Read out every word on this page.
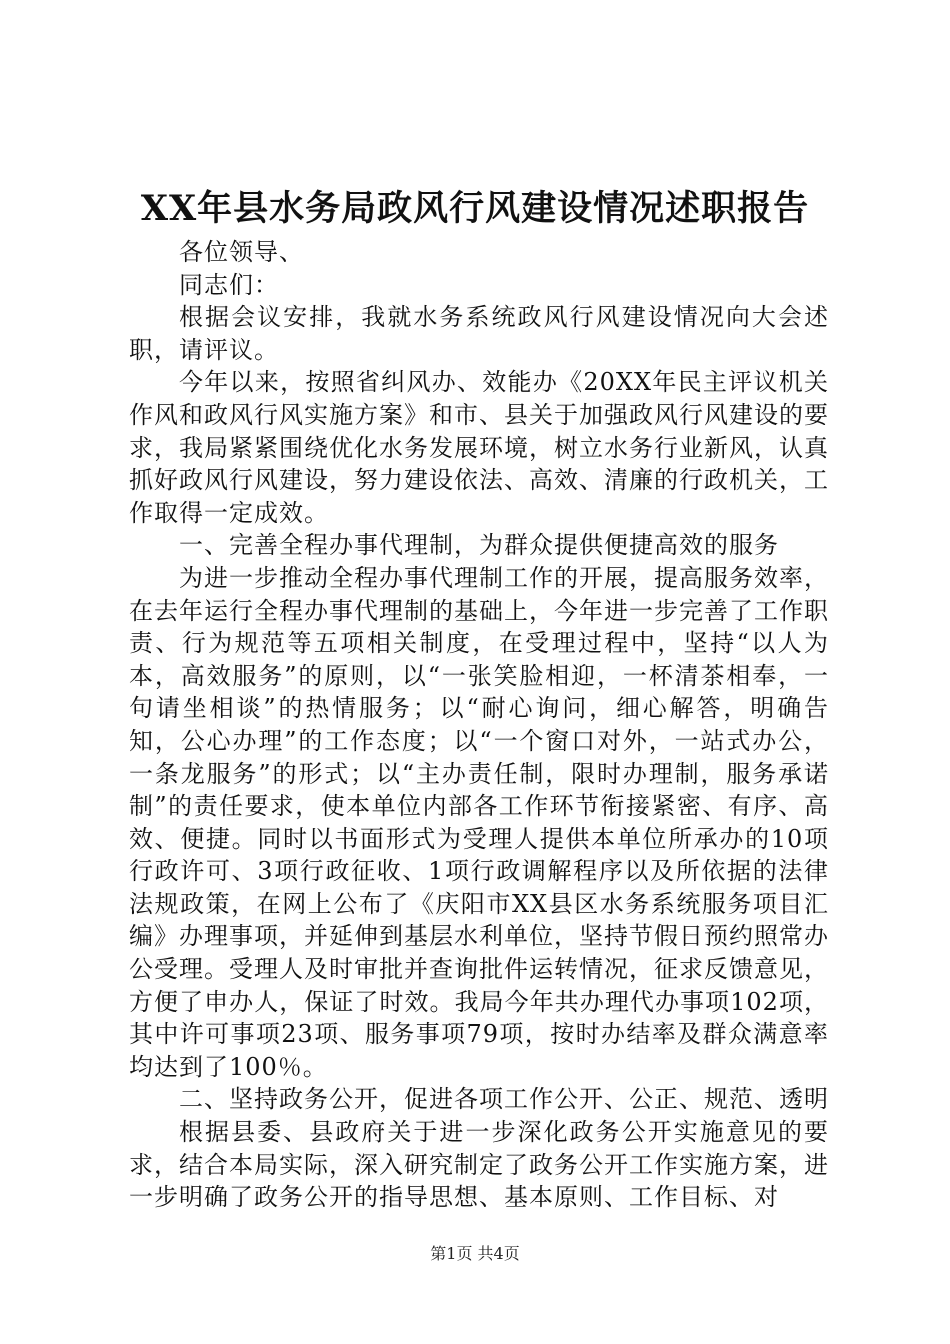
XX年县水务局政风行风建设情况述职报告

各位领导、

同志们：

根据会议安排，我就水务系统政风行风建设情况向大会述职，请评议。

今年以来，按照省纠风办、效能办《20XX年民主评议机关作风和政风行风实施方案》和市、县关于加强政风行风建设的要求，我局紧紧围绕优化水务发展环境，树立水务行业新风，认真抓好政风行风建设，努力建设依法、高效、清廉的行政机关，工作取得一定成效。

一、完善全程办事代理制，为群众提供便捷高效的服务

为进一步推动全程办事代理制工作的开展，提高服务效率，在去年运行全程办事代理制的基础上，今年进一步完善了工作职责、行为规范等五项相关制度，在受理过程中，坚持“以人为本，高效服务”的原则，以“一张笑脸相迎，一杯清茶相奉，一句请坐相谈”的热情服务；以“耐心询问，细心解答，明确告知，公心办理”的工作态度；以“一个窗口对外，一站式办公，一条龙服务”的形式；以“主办责任制，限时办理制，服务承诺制”的责任要求，使本单位内部各工作环节衔接紧密、有序、高效、便捷。同时以书面形式为受理人提供本单位所承办的10项行政许可、3项行政征收、1项行政调解程序以及所依据的法律法规政策，在网上公布了《庆阳市XX县区水务系统服务项目汇编》办理事项，并延伸到基层水利单位，坚持节假日预约照常办公受理。受理人及时审批并查询批件运转情况，征求反馈意见，方便了申办人，保证了时效。我局今年共办理代办事项102项，其中许可事项23项、服务事项79项，按时办结率及群众满意率均达到了100％。

二、坚持政务公开，促进各项工作公开、公正、规范、透明

根据县委、县政府关于进一步深化政务公开实施意见的要求，结合本局实际，深入研究制定了政务公开工作实施方案，进一步明确了政务公开的指导思想、基本原则、工作目标、对

第1页 共4页
